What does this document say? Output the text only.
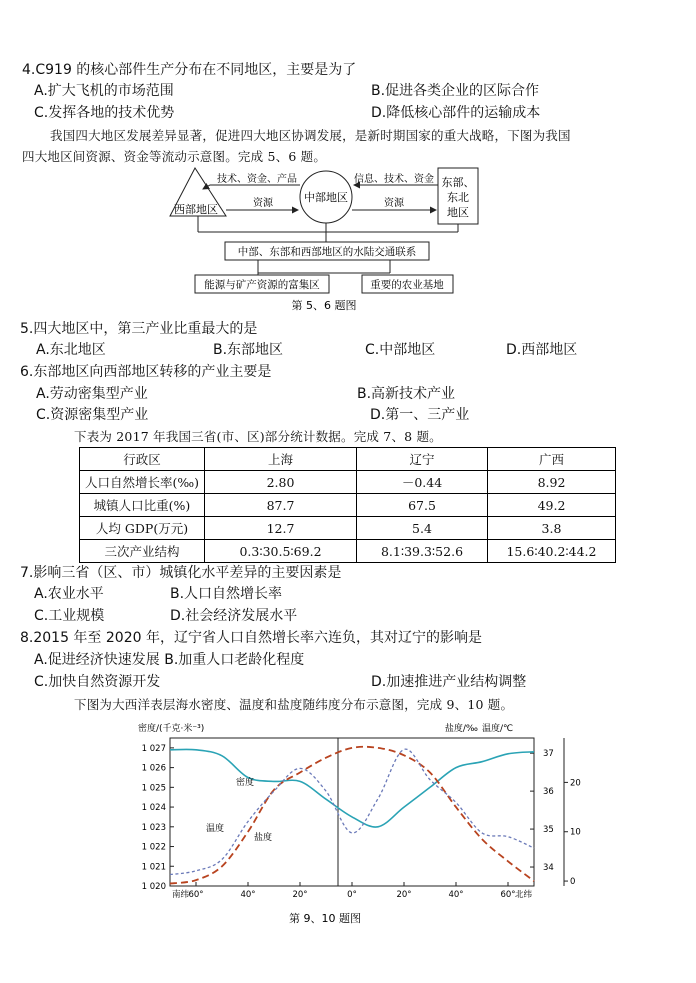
4.C919 的核心部件生产分布在不同地区，主要是为了
A.扩大飞机的市场范围	B.促进各类企业的区际合作
C.发挥各地的技术优势	D.降低核心部件的运输成本
我国四大地区发展差异显著，促进四大地区协调发展，是新时期国家的重大战略，下图为我国
四大地区间资源、资金等流动示意图。完成 5、6 题。
西部地区
中部地区
东部、
东北
地区
技术、资金、产品	信息、技术、资金
资源	资源
中部、东部和西部地区的水陆交通联系
能源与矿产资源的富集区	重要的农业基地
第 5、6 题图
5.四大地区中，第三产业比重最大的是
A.东北地区	B.东部地区	C.中部地区	D.西部地区
6.东部地区向西部地区转移的产业主要是
A.劳动密集型产业	B.高新技术产业
C.资源密集型产业	D.第一、三产业
下表为 2017 年我国三省(市、区)部分统计数据。完成 7、8 题。
行政区	上海	辽宁	广西
人口自然增长率(‰)	2.80	－0.44	8.92
城镇人口比重(%)	87.7	67.5	49.2
人均 GDP(万元)	12.7	5.4	3.8
三次产业结构	0.3∶30.5∶69.2	8.1∶39.3∶52.6	15.6∶40.2∶44.2
7.影响三省（区、市）城镇化水平差异的主要因素是
A.农业水平	B.人口自然增长率
C.工业规模	D.社会经济发展水平
8.2015 年至 2020 年，辽宁省人口自然增长率六连负，其对辽宁的影响是
A.促进经济快速发展 B.加重人口老龄化程度
C.加快自然资源开发	D.加速推进产业结构调整
下图为大西洋表层海水密度、温度和盐度随纬度分布示意图，完成 9、10 题。
密度/(千克·米⁻³)	盐度/‰ 温度/℃
1 027
1 026
1 025
1 024
1 023
1 022
1 021
1 020
37
36
35
34
20
10
0
南纬 60°	40°	20°	0°	20°	40°	60° 北纬
密度
温度
盐度
第 9、10 题图
